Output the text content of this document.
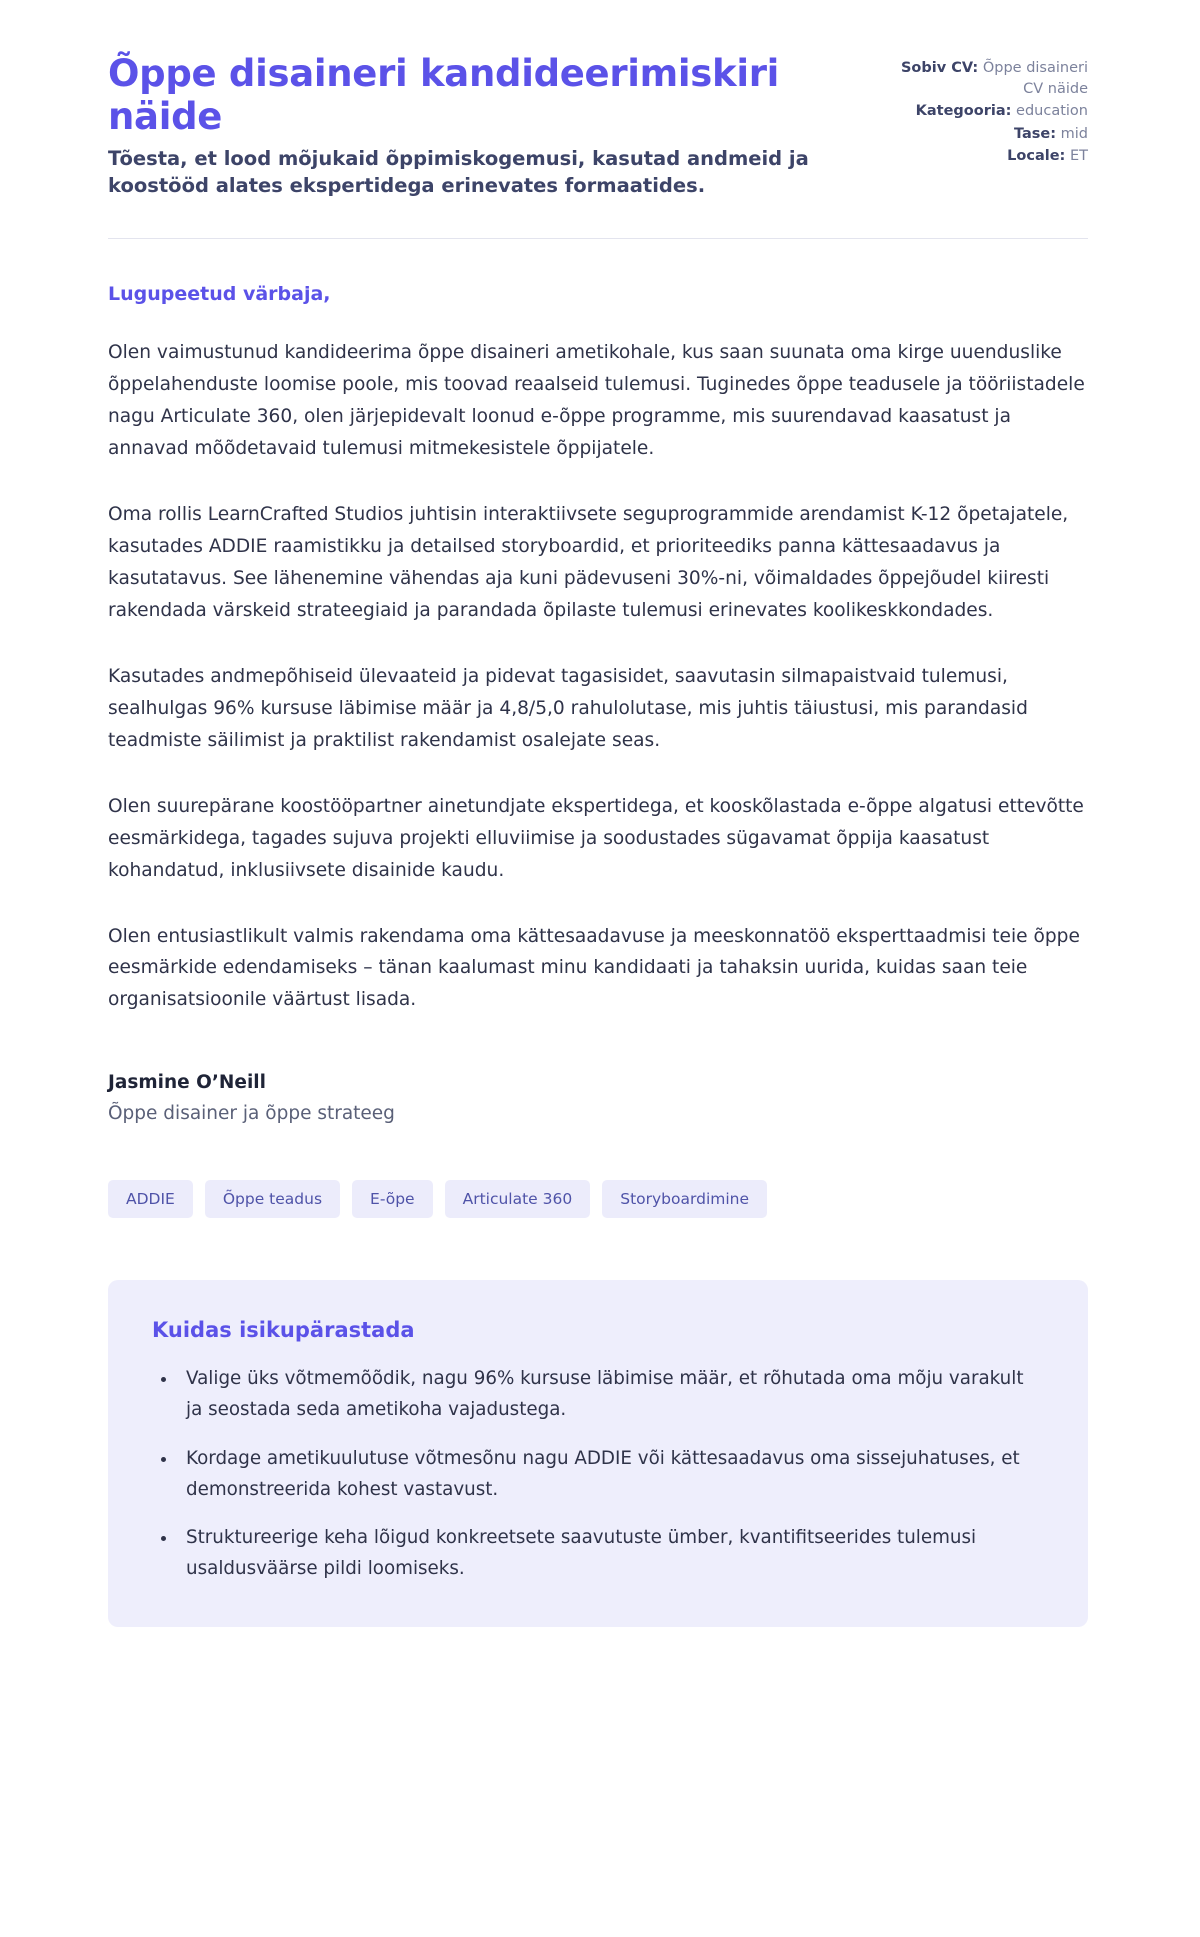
Õppe disaineri kandideerimiskiri näide

Tõesta, et lood mõjukaid õppimiskogemusi, kasutad andmeid ja koostööd alates ekspertidega erinevates formaatides.

Sobiv CV: Õppe disaineri CV näide
Kategooria: education
Tase: mid
Locale: ET

Lugupeetud värbaja,

Olen vaimustunud kandideerima õppe disaineri ametikohale, kus saan suunata oma kirge uuenduslike õppelahenduste loomise poole, mis toovad reaalseid tulemusi. Tuginedes õppe teadusele ja tööriistadele nagu Articulate 360, olen järjepidevalt loonud e-õppe programme, mis suurendavad kaasatust ja annavad mõõdetavaid tulemusi mitmekesistele õppijatele.

Oma rollis LearnCrafted Studios juhtisin interaktiivsete seguprogrammide arendamist K-12 õpetajatele, kasutades ADDIE raamistikku ja detailsed storyboardid, et prioriteediks panna kättesaadavus ja kasutatavus. See lähenemine vähendas aja kuni pädevuseni 30%-ni, võimaldades õppejõudel kiiresti rakendada värskeid strateegiaid ja parandada õpilaste tulemusi erinevates koolikeskkondades.

Kasutades andmepõhiseid ülevaateid ja pidevat tagasisidet, saavutasin silmapaistvaid tulemusi, sealhulgas 96% kursuse läbimise määr ja 4,8/5,0 rahulolutase, mis juhtis täiustusi, mis parandasid teadmiste säilimist ja praktilist rakendamist osalejate seas.

Olen suurepärane koostööpartner ainetundjate ekspertidega, et kooskõlastada e-õppe algatusi ettevõtte eesmärkidega, tagades sujuva projekti elluviimise ja soodustades sügavamat õppija kaasatust kohandatud, inklusiivsete disainide kaudu.

Olen entusiastlikult valmis rakendama oma kättesaadavuse ja meeskonnatöö eksperttaadmisi teie õppe eesmärkide edendamiseks – tänan kaalumast minu kandidaati ja tahaksin uurida, kuidas saan teie organisatsioonile väärtust lisada.

Jasmine O’Neill

Õppe disainer ja õppe strateeg

ADDIE	Õppe teadus	E-õpe	Articulate 360	Storyboardimine
Kuidas isikupärastada
• Valige üks võtmemõõdik, nagu 96% kursuse läbimise määr, et rõhutada oma mõju varakult ja seostada seda ametikoha vajadustega.
• Kordage ametikuulutuse võtmesõnu nagu ADDIE või kättesaadavus oma sissejuhatuses, et demonstreerida kohest vastavust.
• Struktureerige keha lõigud konkreetsete saavutuste ümber, kvantifitseerides tulemusi usaldusväärse pildi loomiseks.
